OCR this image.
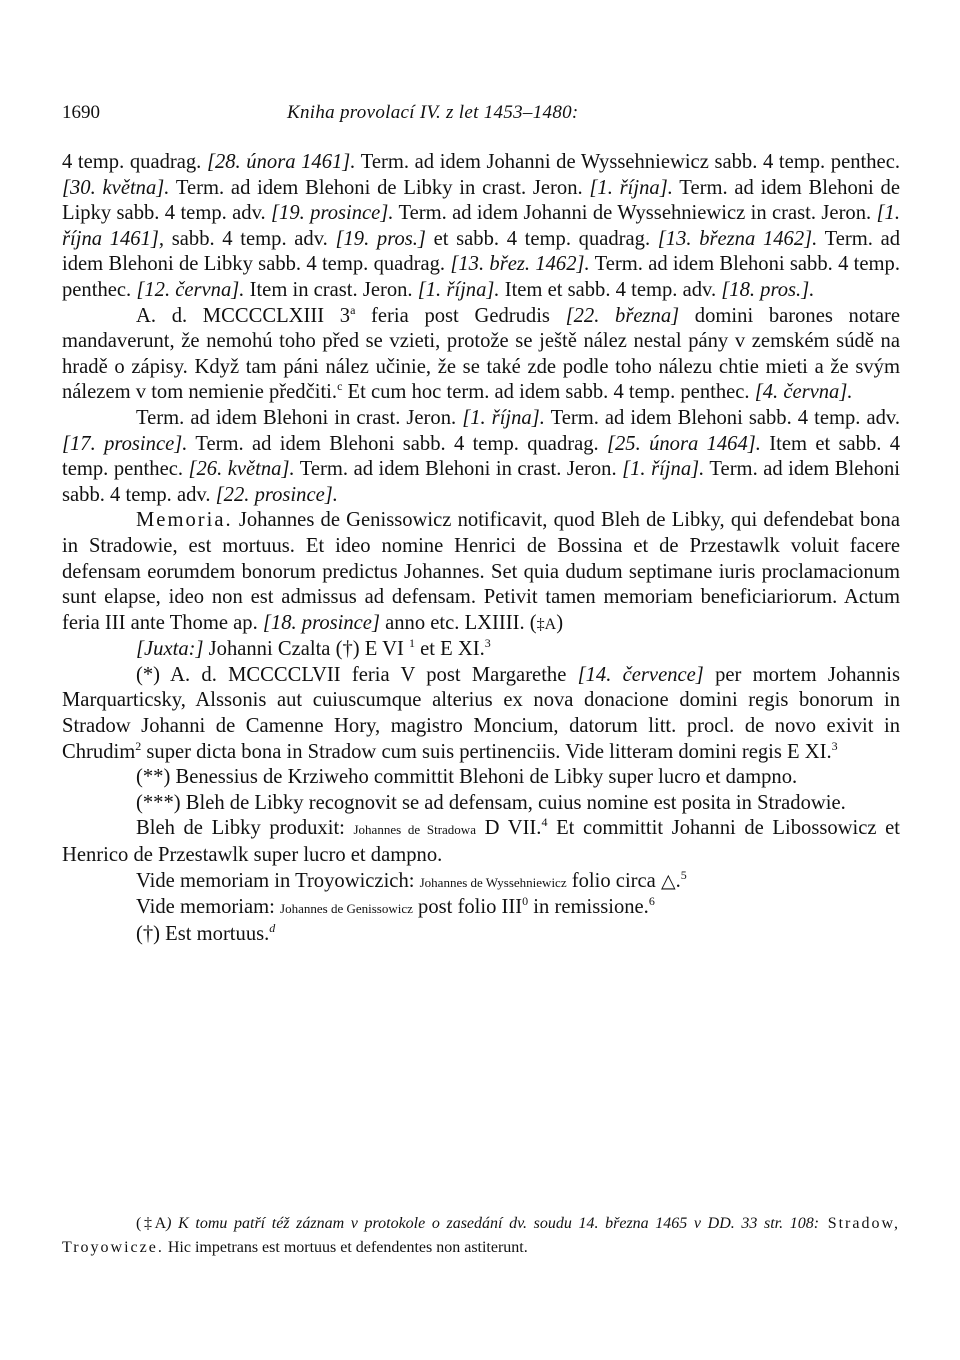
1690	Kniha provolací IV. z let 1453–1480:

4 temp. quadrag. [28. února 1461]. Term. ad idem Johanni de Wyssehniewicz sabb. 4 temp. penthec. [30. května]. Term. ad idem Blehoni de Libky in crast. Jeron. [1. října]. Term. ad idem Blehoni de Lipky sabb. 4 temp. adv. [19. prosince]. Term. ad idem Johanni de Wyssehniewicz in crast. Jeron. [1. října 1461], sabb. 4 temp. adv. [19. pros.] et sabb. 4 temp. quadrag. [13. března 1462]. Term. ad idem Blehoni de Libky sabb. 4 temp. quadrag. [13. břez. 1462]. Term. ad idem Blehoni sabb. 4 temp. penthec. [12. června]. Item in crast. Jeron. [1. října]. Item et sabb. 4 temp. adv. [18. pros.].

A. d. MCCCCLXIII 3$^a$ feria post Gedrudis [22. března] domini barones notare mandaverunt, že nemohú toho před se vzieti, protože se ještě nález nestal pány v zemském súdě na hradě o zápisy. Když tam páni nález učinie, že se také zde podle toho nálezu chtie mieti a že svým nálezem v tom nemienie předčiti.$^c$ Et cum hoc term. ad idem sabb. 4 temp. penthec. [4. června].

Term. ad idem Blehoni in crast. Jeron. [1. října]. Term. ad idem Blehoni sabb. 4 temp. adv. [17. prosince]. Term. ad idem Blehoni sabb. 4 temp. quadrag. [25. února 1464]. Item et sabb. 4 temp. penthec. [26. května]. Term. ad idem Blehoni in crast. Jeron. [1. října]. Term. ad idem Blehoni sabb. 4 temp. adv. [22. prosince].

Memoria. Johannes de Genissowicz notificavit, quod Bleh de Libky, qui defendebat bona in Stradowie, est mortuus. Et ideo nomine Henrici de Bossina et de Przestawlk voluit facere defensam eorumdem bonorum predictus Johannes. Set quia dudum septimane iuris proclamacionum sunt elapse, ideo non est admissus ad defensam. Petivit tamen memoriam beneficiariorum. Actum feria III ante Thome ap. [18. prosince] anno etc. LXIIII. (‡A)

[Juxta:] Johanni Czalta (†) E VI $^1$ et E XI.$^3$

(*) A. d. MCCCCLVII feria V post Margarethe [14. července] per mortem Johannis Marquarticsky, Alssonis aut cuiuscumque alterius ex nova donacione domini regis bonorum in Stradow Johanni de Camenne Hory, magistro Moncium, datorum litt. procl. de novo exivit in Chrudim$^2$ super dicta bona in Stradow cum suis pertinenciis. Vide litteram domini regis E XI.$^3$

(**) Benessius de Krziweho committit Blehoni de Libky super lucro et dampno.

(***) Bleh de Libky recognovit se ad defensam, cuius nomine est posita in Stradowie.

Bleh de Libky produxit: Johannes de Stradowa D VII.$^4$ Et committit Johanni de Libossowicz et Henrico de Przestawlk super lucro et dampno.

Vide memoriam in Troyowiczich: Johannes de Wyssehniewicz folio circa △.$^5$

Vide memoriam: Johannes de Genissowicz post folio III$^0$ in remissione.$^6$

(†) Est mortuus.$^d$

(‡A) K tomu patří též záznam v protokole o zasedání dv. soudu 14. března 1465 v DD. 33 str. 108: Stradow, Troyowicze. Hic impetrans est mortuus et defendentes non astiterunt.
